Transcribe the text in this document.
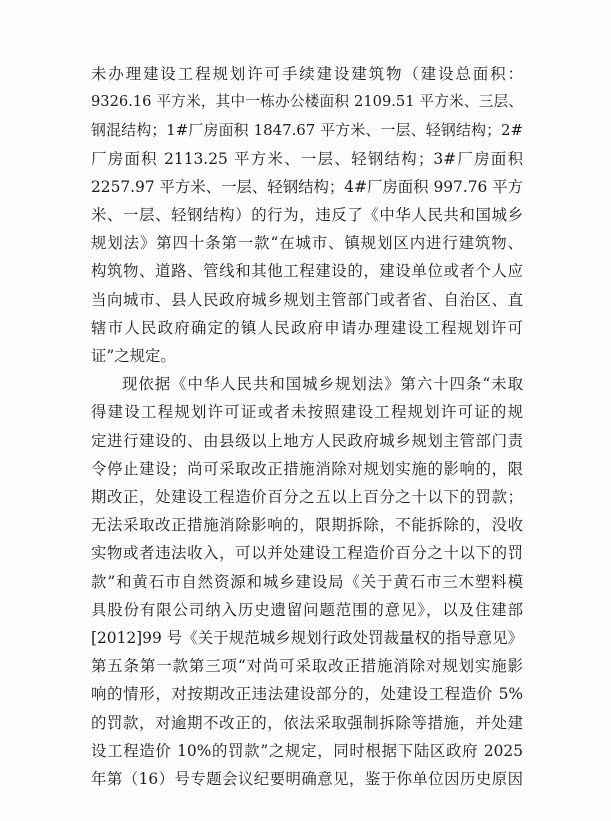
未办理建设工程规划许可手续建设建筑物（建设总面积：
9326.16 平方米，其中一栋办公楼面积 2109.51 平方米、三层、
钢混结构；1#厂房面积 1847.67 平方米、一层、轻钢结构；2#
厂房面积 2113.25 平方米、一层、轻钢结构；3#厂房面积
2257.97 平方米、一层、轻钢结构；4#厂房面积 997.76 平方
米、一层、轻钢结构）的行为，违反了《中华人民共和国城乡
规划法》第四十条第一款“在城市、镇规划区内进行建筑物、
构筑物、道路、管线和其他工程建设的，建设单位或者个人应
当向城市、县人民政府城乡规划主管部门或者省、自治区、直
辖市人民政府确定的镇人民政府申请办理建设工程规划许可
证”之规定。
现依据《中华人民共和国城乡规划法》第六十四条“未取
得建设工程规划许可证或者未按照建设工程规划许可证的规
定进行建设的、由县级以上地方人民政府城乡规划主管部门责
令停止建设；尚可采取改正措施消除对规划实施的影响的，限
期改正，处建设工程造价百分之五以上百分之十以下的罚款；
无法采取改正措施消除影响的，限期拆除，不能拆除的，没收
实物或者违法收入，可以并处建设工程造价百分之十以下的罚
款”和黄石市自然资源和城乡建设局《关于黄石市三木塑料模
具股份有限公司纳入历史遗留问题范围的意见》，以及住建部
[2012]99 号《关于规范城乡规划行政处罚裁量权的指导意见》
第五条第一款第三项“对尚可采取改正措施消除对规划实施影
响的情形，对按期改正违法建设部分的，处建设工程造价 5%
的罚款，对逾期不改正的，依法采取强制拆除等措施，并处建
设工程造价 10%的罚款”之规定，同时根据下陆区政府 2025
年第（16）号专题会议纪要明确意见，鉴于你单位因历史原因
